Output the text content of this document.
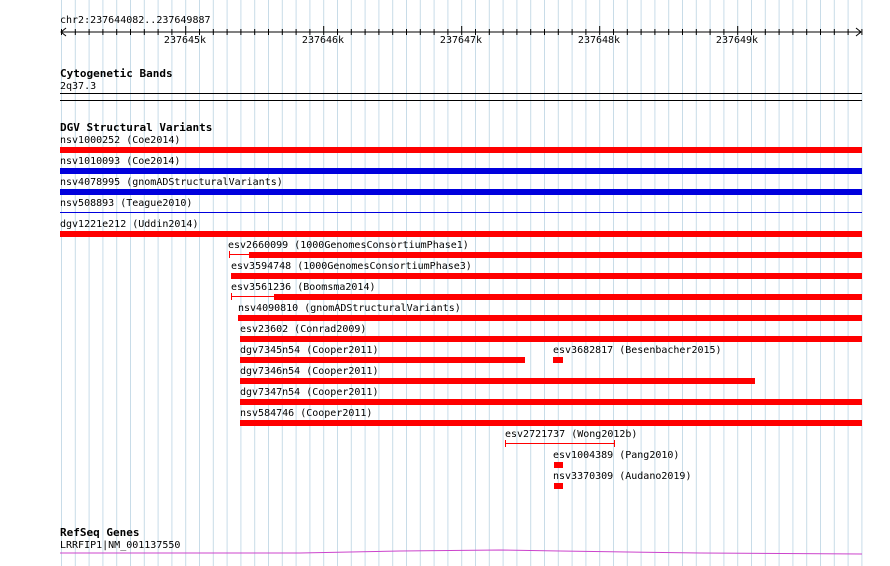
chr2:237644082..237649887
237645k	237646k	237647k	237648k	237649k
Cytogenetic Bands
2q37.3
DGV Structural Variants
nsv1000252 (Coe2014)
nsv1010093 (Coe2014)
nsv4078995 (gnomADStructuralVariants)
nsv508893 (Teague2010)
dgv1221e212 (Uddin2014)
esv2660099 (1000GenomesConsortiumPhase1)
esv3594748 (1000GenomesConsortiumPhase3)
esv3561236 (Boomsma2014)
nsv4090810 (gnomADStructuralVariants)
esv23602 (Conrad2009)
dgv7345n54 (Cooper2011)	esv3682817 (Besenbacher2015)
dgv7346n54 (Cooper2011)
dgv7347n54 (Cooper2011)
nsv584746 (Cooper2011)
esv2721737 (Wong2012b)
esv1004389 (Pang2010)
nsv3370309 (Audano2019)
RefSeq Genes
LRRFIP1|NM_001137550
